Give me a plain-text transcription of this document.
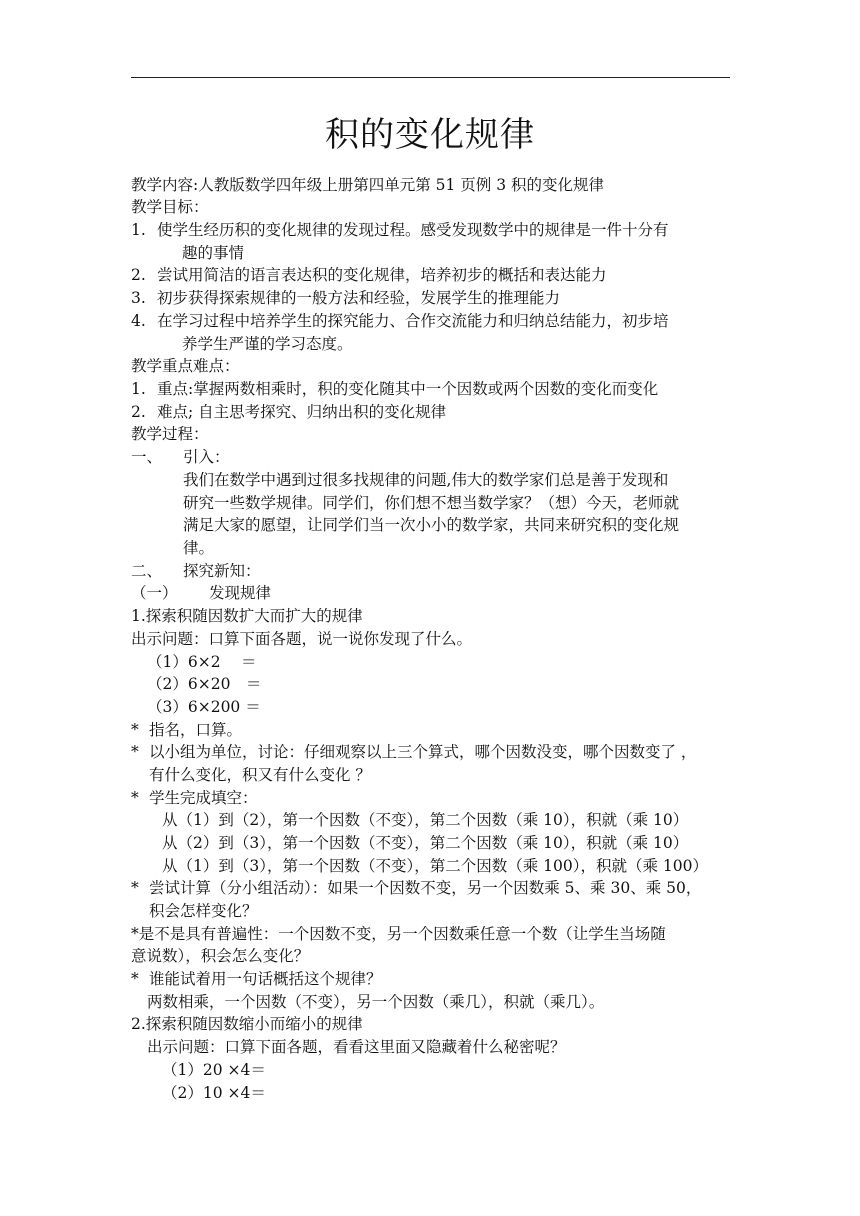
积的变化规律
教学内容:人教版数学四年级上册第四单元第 51 页例 3 积的变化规律
教学目标：
1. 使学生经历积的变化规律的发现过程。感受发现数学中的规律是一件十分有
趣的事情
2. 尝试用简洁的语言表达积的变化规律，培养初步的概括和表达能力
3. 初步获得探索规律的一般方法和经验，发展学生的推理能力
4. 在学习过程中培养学生的探究能力、合作交流能力和归纳总结能力，初步培
养学生严谨的学习态度。
教学重点难点：
1. 重点:掌握两数相乘时，积的变化随其中一个因数或两个因数的变化而变化
2. 难点; 自主思考探究、归纳出积的变化规律
教学过程：
一、 引入：
我们在数学中遇到过很多找规律的问题,伟大的数学家们总是善于发现和
研究一些数学规律。同学们，你们想不想当数学家？（想）今天，老师就
满足大家的愿望，让同学们当一次小小的数学家，共同来研究积的变化规
律。
二、 探究新知：
（一） 发现规律
1.探索积随因数扩大而扩大的规律
出示问题：口算下面各题，说一说你发现了什么。
（1）6×2　 ＝
（2）6×20　＝
（3）6×200 ＝
* 指名，口算。
* 以小组为单位，讨论：仔细观察以上三个算式，哪个因数没变，哪个因数变了 ，
有什么变化，积又有什么变化 ？
* 学生完成填空：
从（1）到（2），第一个因数（不变），第二个因数（乘 10），积就（乘 10）
从（2）到（3），第一个因数（不变），第二个因数（乘 10），积就（乘 10）
从（1）到（3），第一个因数（不变），第二个因数（乘 100），积就（乘 100）
* 尝试计算（分小组活动）：如果一个因数不变，另一个因数乘 5、乘 30、乘 50，
积会怎样变化？
*是不是具有普遍性：一个因数不变，另一个因数乘任意一个数（让学生当场随
意说数），积会怎么变化？
* 谁能试着用一句话概括这个规律？
两数相乘，一个因数（不变），另一个因数（乘几），积就（乘几）。
2.探索积随因数缩小而缩小的规律
出示问题：口算下面各题，看看这里面又隐藏着什么秘密呢？
（1）20 ×4＝
（2）10 ×4＝
